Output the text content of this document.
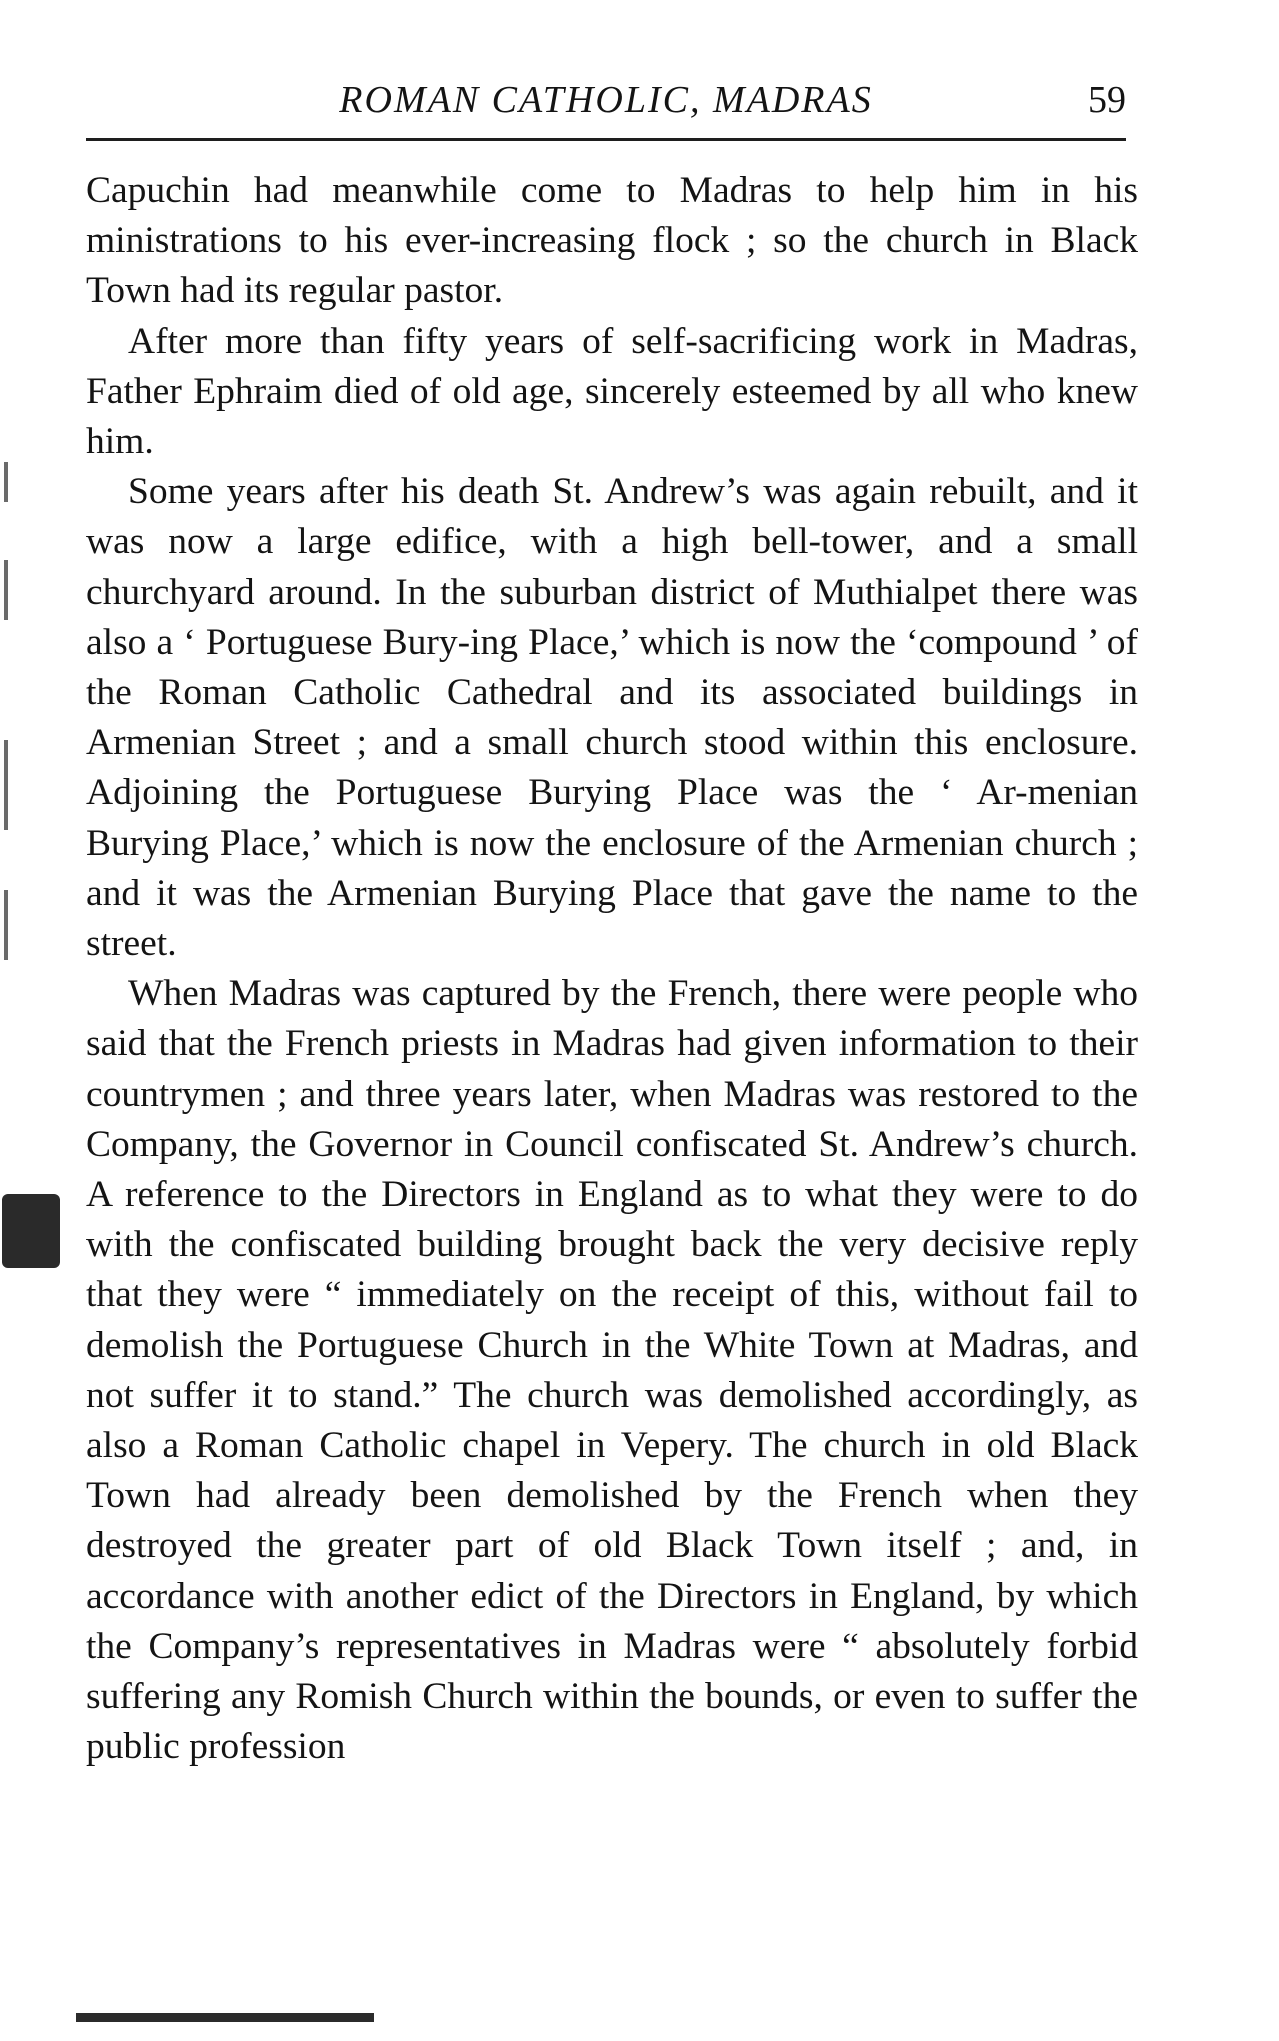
ROMAN CATHOLIC, MADRAS	59

Capuchin had meanwhile come to Madras to help him in his ministrations to his ever-increasing flock ; so the church in Black Town had its regular pastor.

After more than fifty years of self-sacrificing work in Madras, Father Ephraim died of old age, sincerely esteemed by all who knew him.

Some years after his death St. Andrew’s was again rebuilt, and it was now a large edifice, with a high bell-tower, and a small churchyard around. In the suburban district of Muthialpet there was also a ‘ Portuguese Bury-ing Place,’ which is now the ‘compound ’ of the Roman Catholic Cathedral and its associated buildings in Armenian Street ; and a small church stood within this enclosure. Adjoining the Portuguese Burying Place was the ‘ Ar-menian Burying Place,’ which is now the enclosure of the Armenian church ; and it was the Armenian Burying Place that gave the name to the street.

When Madras was captured by the French, there were people who said that the French priests in Madras had given information to their countrymen ; and three years later, when Madras was restored to the Company, the Governor in Council confiscated St. Andrew’s church. A reference to the Directors in England as to what they were to do with the confiscated building brought back the very decisive reply that they were “ immediately on the receipt of this, without fail to demolish the Portuguese Church in the White Town at Madras, and not suffer it to stand.” The church was demolished accordingly, as also a Roman Catholic chapel in Vepery. The church in old Black Town had already been demolished by the French when they destroyed the greater part of old Black Town itself ; and, in accordance with another edict of the Directors in England, by which the Company’s representatives in Madras were “ absolutely forbid suffering any Romish Church within the bounds, or even to suffer the public profession
